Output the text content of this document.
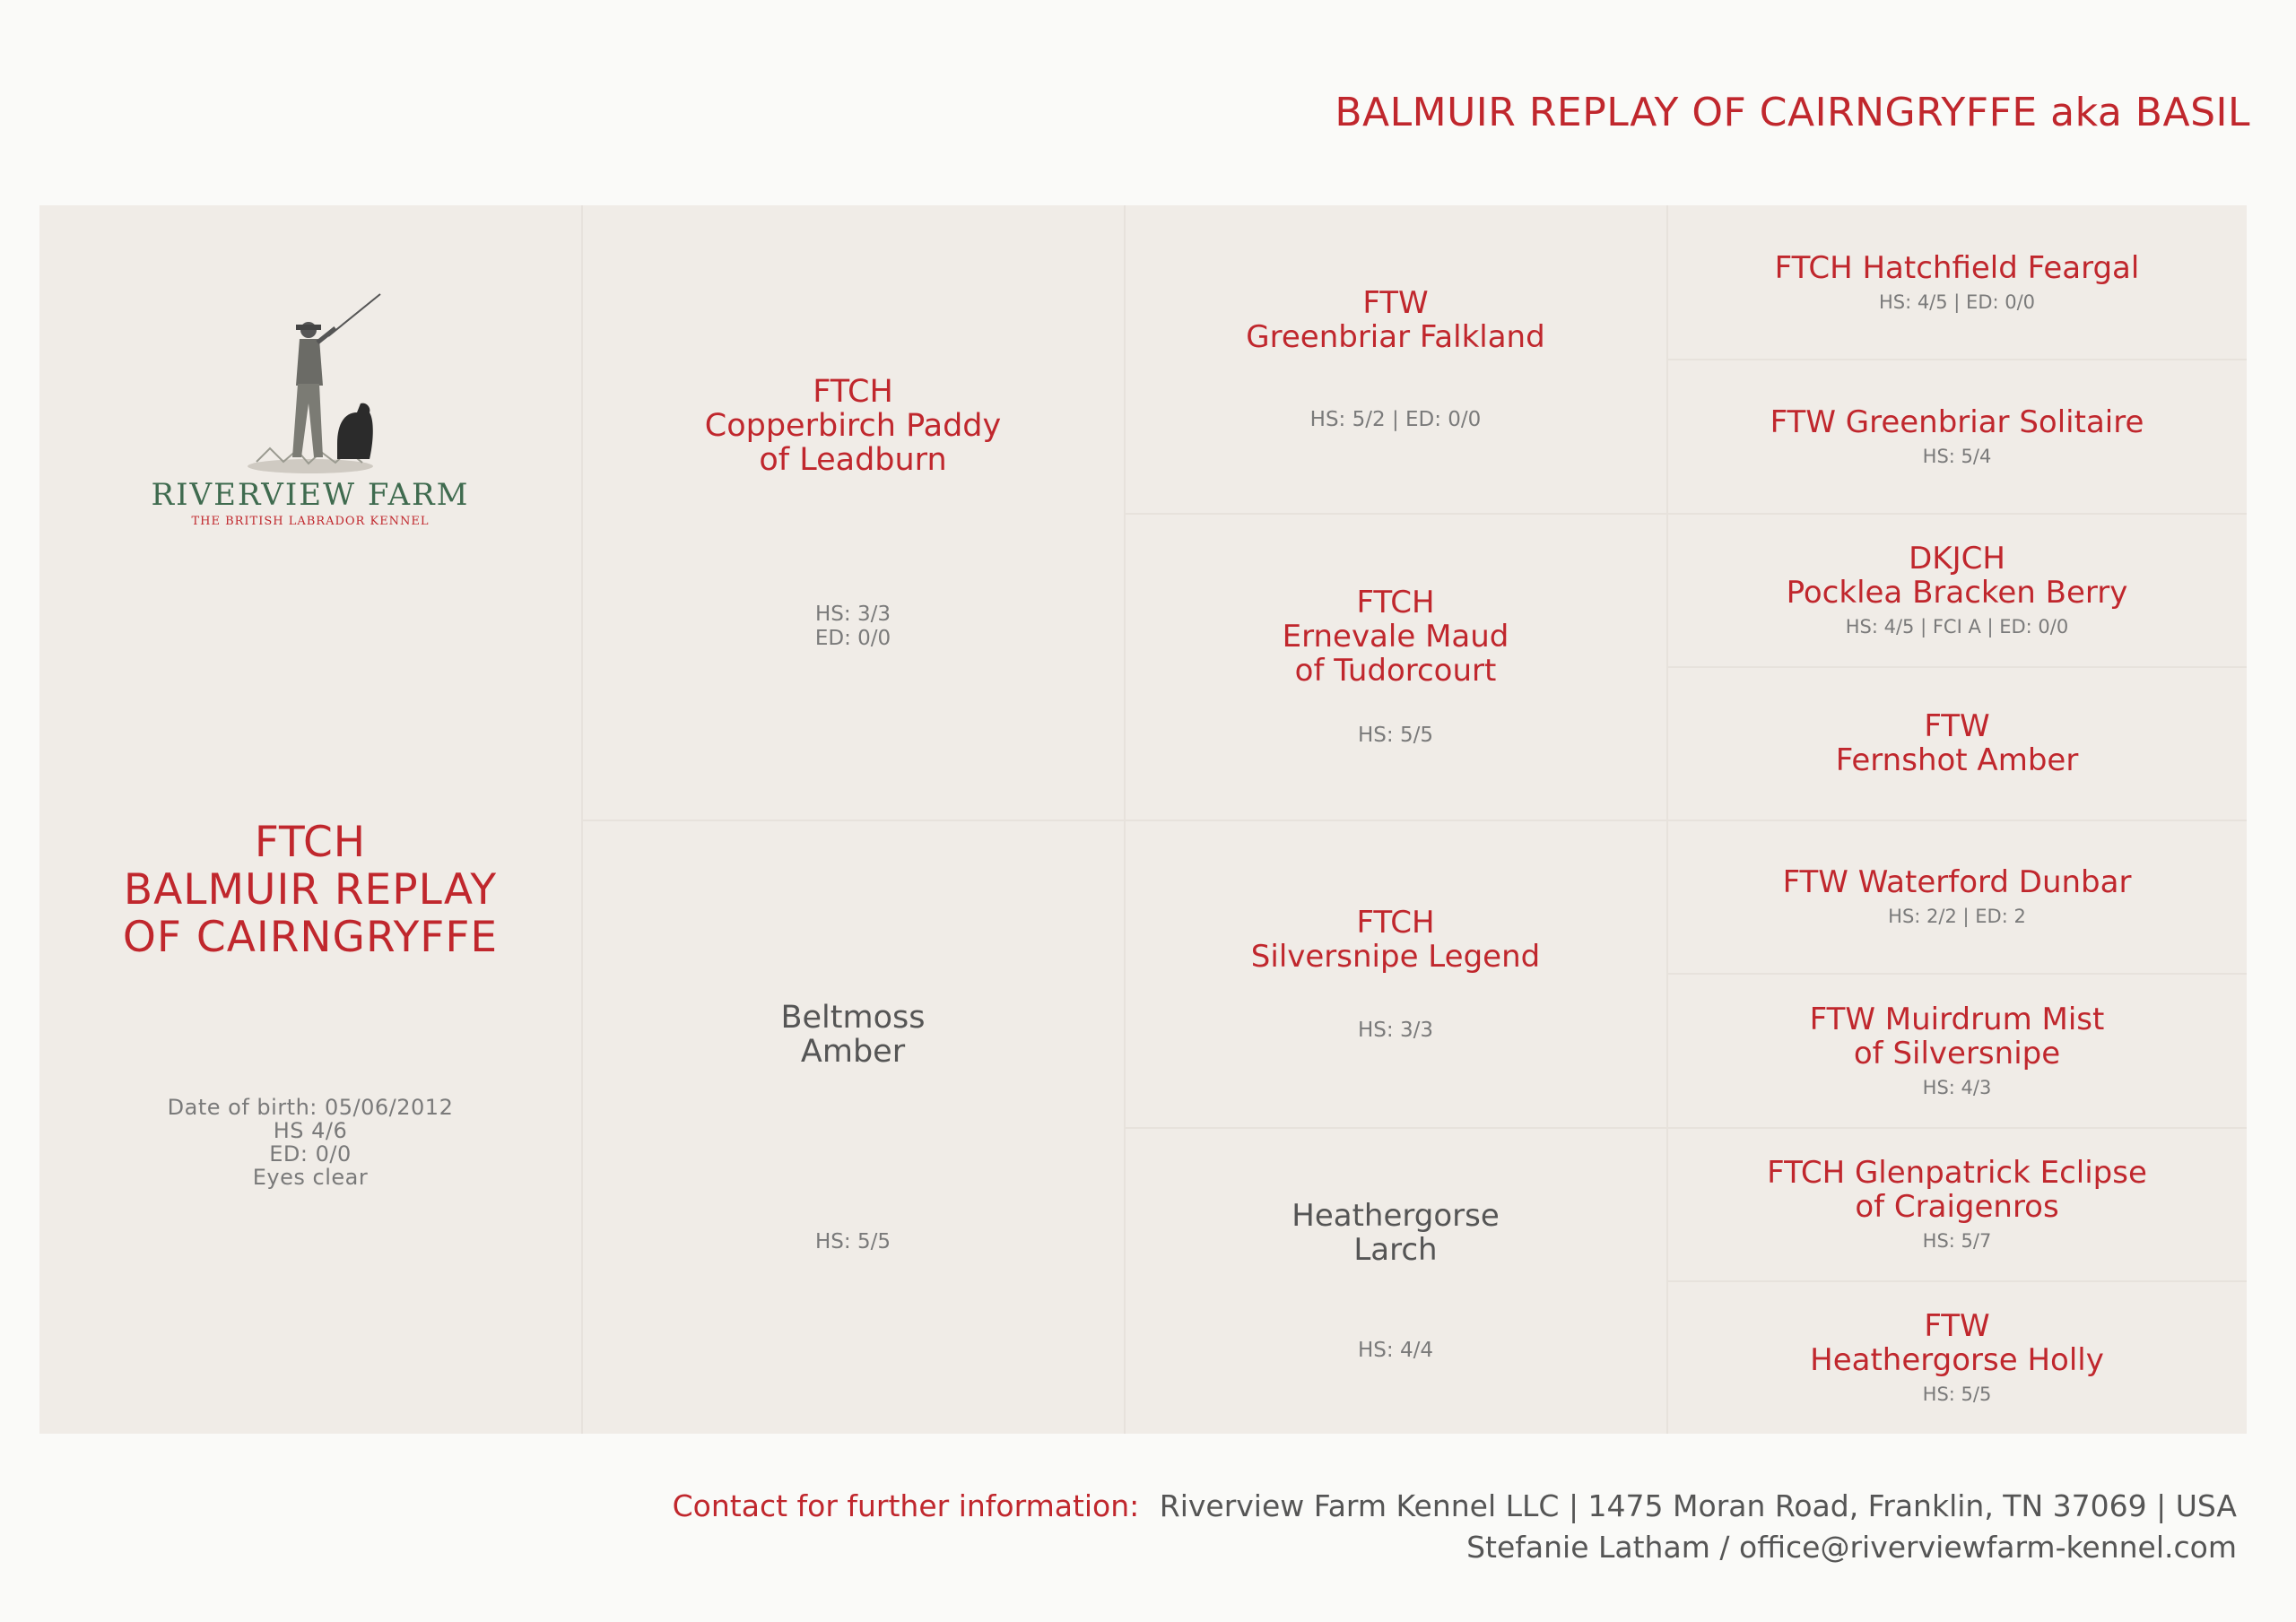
BALMUIR REPLAY OF CAIRNGRYFFE aka BASIL
RIVERVIEW FARM
THE BRITISH LABRADOR KENNEL
FTCH
BALMUIR REPLAY
OF CAIRNGRYFFE
Date of birth: 05/06/2012
HS 4/6
ED: 0/0
Eyes clear
FTCH
Copperbirch Paddy
of Leadburn
HS: 3/3
ED: 0/0
Beltmoss
Amber
HS: 5/5
FTW
Greenbriar Falkland
HS: 5/2 | ED: 0/0
FTCH
Ernevale Maud
of Tudorcourt
HS: 5/5
FTCH
Silversnipe Legend
HS: 3/3
Heathergorse
Larch
HS: 4/4
FTCH Hatchfield Feargal
HS: 4/5 | ED: 0/0
FTW Greenbriar Solitaire
HS: 5/4
DKJCH
Pocklea Bracken Berry
HS: 4/5 | FCI A | ED: 0/0
FTW
Fernshot Amber
FTW Waterford Dunbar
HS: 2/2 | ED: 2
FTW Muirdrum Mist
of Silversnipe
HS: 4/3
FTCH Glenpatrick Eclipse
of Craigenros
HS: 5/7
FTW
Heathergorse Holly
HS: 5/5
Contact for further information: Riverview Farm Kennel LLC | 1475 Moran Road, Franklin, TN 37069 | USA
Stefanie Latham / office@riverviewfarm-kennel.com
